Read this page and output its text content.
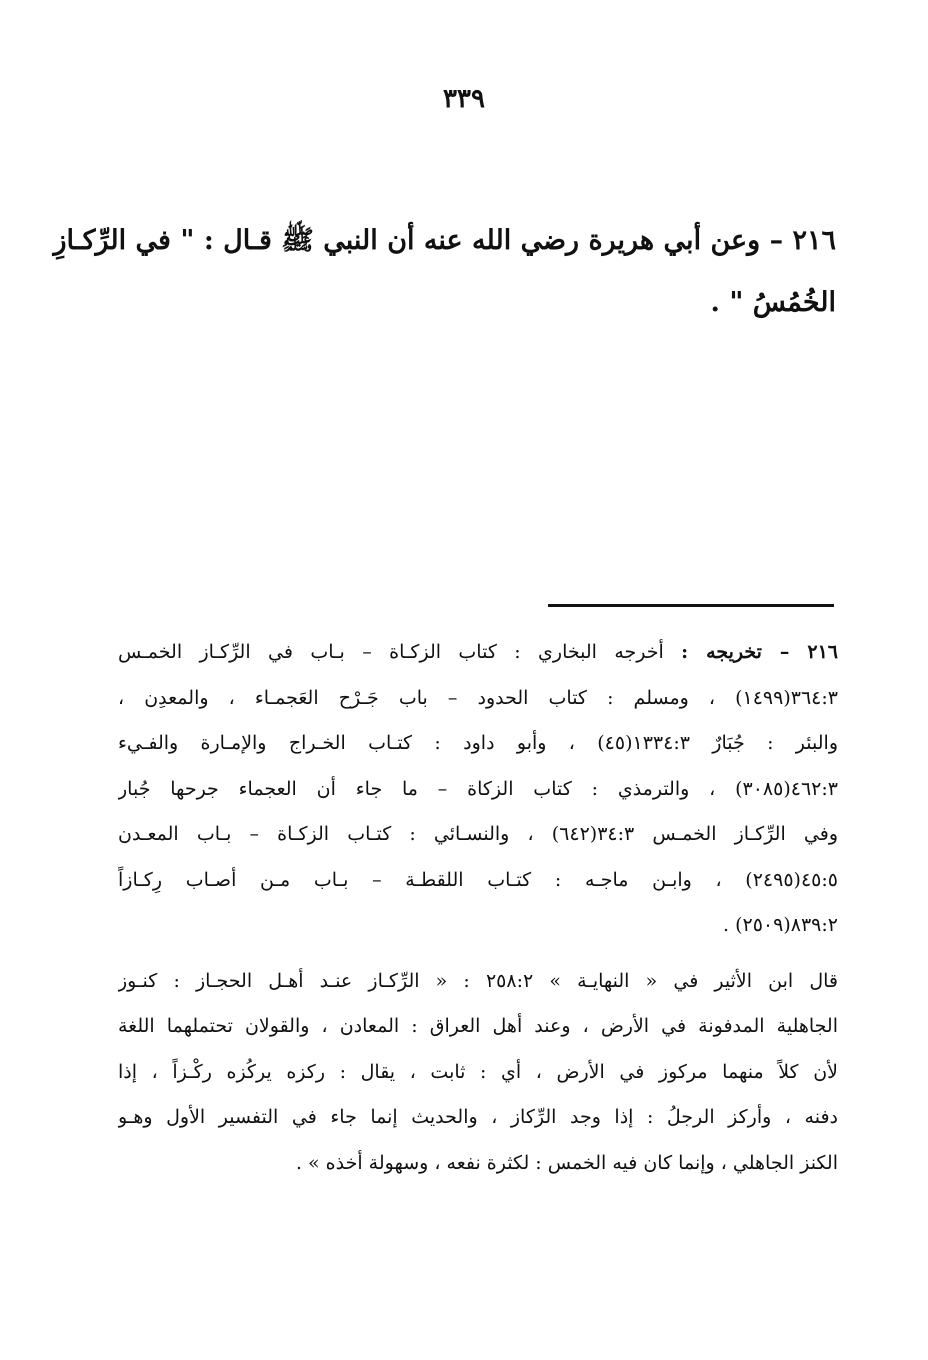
٣٣٩
٢١٦ – وعن أبي هريرة رضي الله عنه أن النبي ﷺ قـال : " في الرِّكـازِ
الخُمُسُ " .
٢١٦ – تخريجه : أخرجه البخاري : كتاب الزكـاة – بـاب في الرِّكـاز الخمـس
٣٦٤:٣(١٤٩٩) ، ومسلم : كتاب الحدود – باب جَـرْح العَجمـاء ، والمعدِن ،
والبئر : جُبَارٌ ١٣٣٤:٣(٤٥) ، وأبو داود : كتـاب الخـراج والإمـارة والفـيء
٤٦٢:٣(٣٠٨٥) ، والترمذي : كتاب الزكاة – ما جاء أن العجماء جرحها جُبار
وفي الرِّكـاز الخمـس ٣٤:٣(٦٤٢) ، والنسـائي : كتـاب الزكـاة – بـاب المعـدن
٤٥:٥(٢٤٩٥) ، وابـن ماجـه : كتـاب اللقطـة – بـاب مـن أصـاب رِكـازاً
٨٣٩:٢(٢٥٠٩) .
قال ابن الأثير في « النهايـة » ٢٥٨:٢ : « الرِّكـاز عنـد أهـل الحجـاز : كنـوز
الجاهلية المدفونة في الأرض ، وعند أهل العراق : المعادن ، والقولان تحتملهما اللغة
لأن كلاً منهما مركوز في الأرض ، أي : ثابت ، يقال : ركزه يركُزه ركْـزاً ، إذا
دفنه ، وأركز الرجلُ : إذا وجد الرِّكاز ، والحديث إنما جاء في التفسير الأول وهـو
الكنز الجاهلي ، وإنما كان فيه الخمس : لكثرة نفعه ، وسهولة أخذه » .
